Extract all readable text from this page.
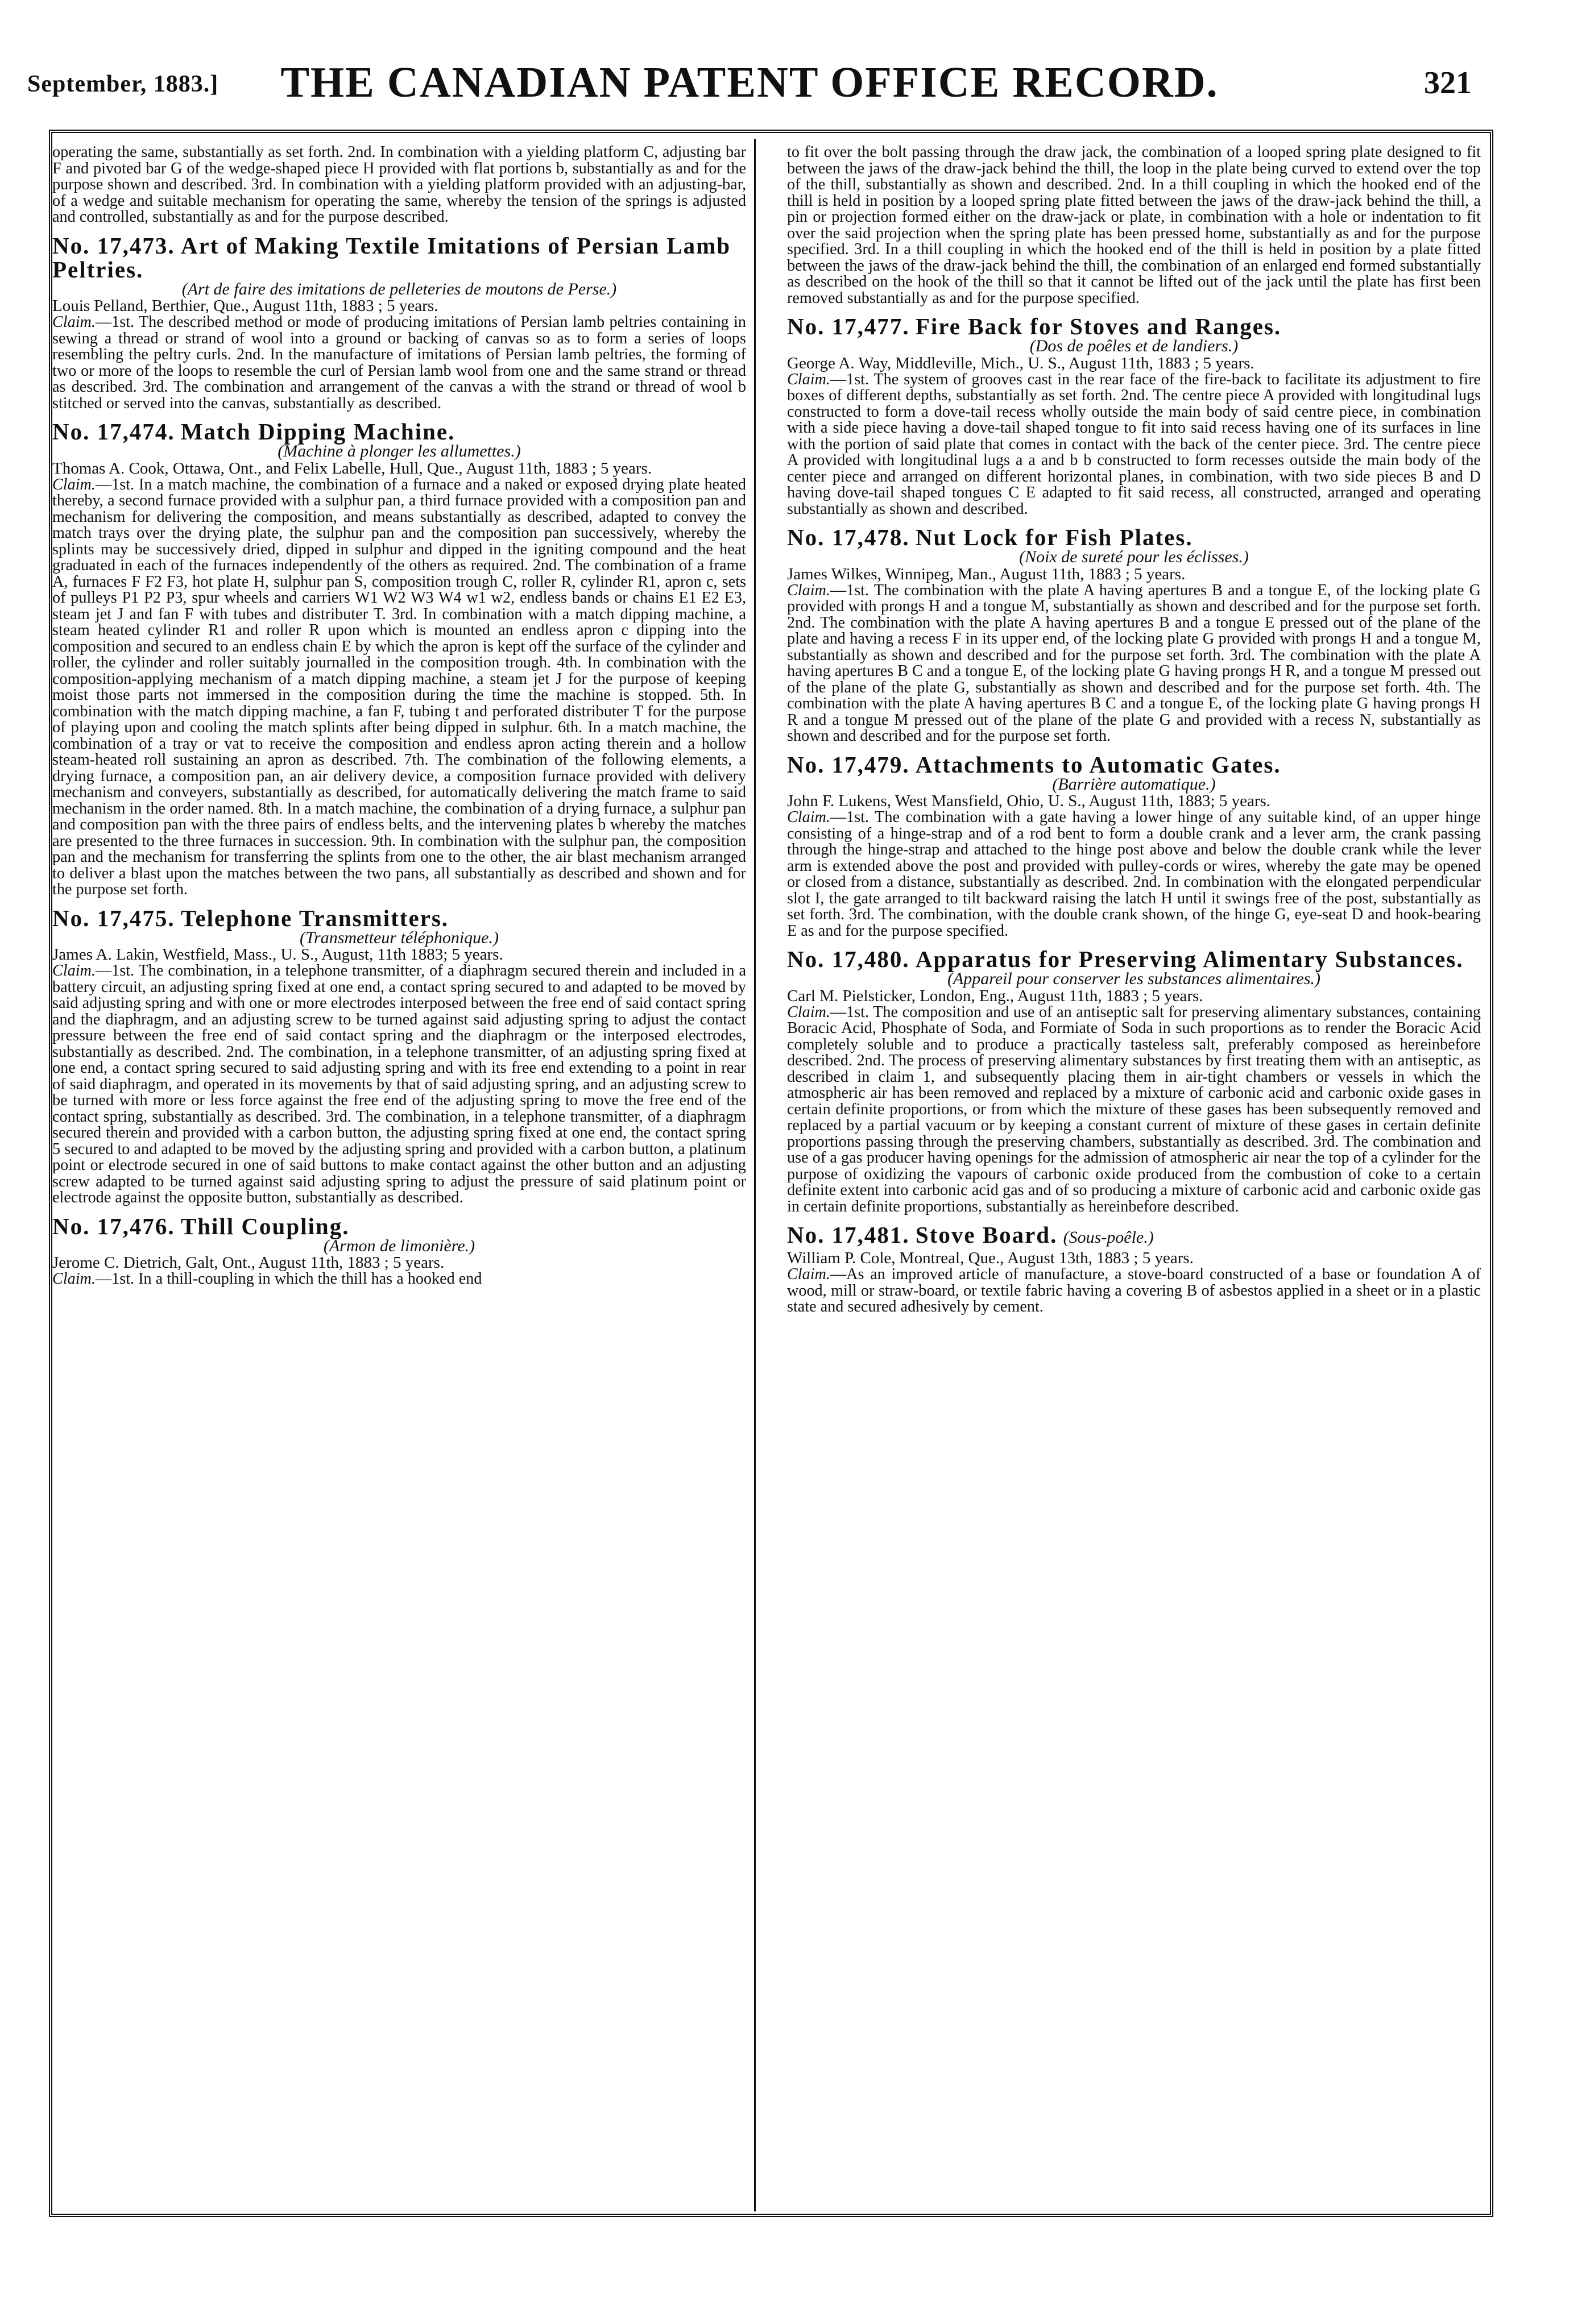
September, 1883.]	THE CANADIAN PATENT OFFICE RECORD.	321

operating the same, substantially as set forth. 2nd. In combination with a yielding platform C, adjusting bar F and pivoted bar G of the wedge-shaped piece H provided with flat portions b, substantially as and for the purpose shown and described. 3rd. In combination with a yielding platform provided with an adjusting-bar, of a wedge and suitable mechanism for operating the same, whereby the tension of the springs is adjusted and controlled, substantially as and for the purpose described.

No. 17,473. Art of Making Textile Imitations of Persian Lamb Peltries.

(Art de faire des imitations de pelleteries de moutons de Perse.)

Louis Pelland, Berthier, Que., August 11th, 1883 ; 5 years.

Claim.—1st. The described method or mode of producing imitations of Persian lamb peltries containing in sewing a thread or strand of wool into a ground or backing of canvas so as to form a series of loops resembling the peltry curls. 2nd. In the manufacture of imitations of Persian lamb peltries, the forming of two or more of the loops to resemble the curl of Persian lamb wool from one and the same strand or thread as described. 3rd. The combination and arrangement of the canvas a with the strand or thread of wool b stitched or served into the canvas, substantially as described.

No. 17,474. Match Dipping Machine.

(Machine à plonger les allumettes.)

Thomas A. Cook, Ottawa, Ont., and Felix Labelle, Hull, Que., August 11th, 1883 ; 5 years.

Claim.—1st. In a match machine, the combination of a furnace and a naked or exposed drying plate heated thereby, a second furnace provided with a sulphur pan, a third furnace provided with a composition pan and mechanism for delivering the composition, and means substantially as described, adapted to convey the match trays over the drying plate, the sulphur pan and the composition pan successively, whereby the splints may be successively dried, dipped in sulphur and dipped in the igniting compound and the heat graduated in each of the furnaces independently of the others as required. 2nd. The combination of a frame A, furnaces F F2 F3, hot plate H, sulphur pan S, composition trough C, roller R, cylinder R1, apron c, sets of pulleys P1 P2 P3, spur wheels and carriers W1 W2 W3 W4 w1 w2, endless bands or chains E1 E2 E3, steam jet J and fan F with tubes and distributer T. 3rd. In combination with a match dipping machine, a steam heated cylinder R1 and roller R upon which is mounted an endless apron c dipping into the composition and secured to an endless chain E by which the apron is kept off the surface of the cylinder and roller, the cylinder and roller suitably journalled in the composition trough. 4th. In combination with the composition-applying mechanism of a match dipping machine, a steam jet J for the purpose of keeping moist those parts not immersed in the composition during the time the machine is stopped. 5th. In combination with the match dipping machine, a fan F, tubing t and perforated distributer T for the purpose of playing upon and cooling the match splints after being dipped in sulphur. 6th. In a match machine, the combination of a tray or vat to receive the composition and endless apron acting therein and a hollow steam-heated roll sustaining an apron as described. 7th. The combination of the following elements, a drying furnace, a composition pan, an air delivery device, a composition furnace provided with delivery mechanism and conveyers, substantially as described, for automatically delivering the match frame to said mechanism in the order named. 8th. In a match machine, the combination of a drying furnace, a sulphur pan and composition pan with the three pairs of endless belts, and the intervening plates b whereby the matches are presented to the three furnaces in succession. 9th. In combination with the sulphur pan, the composition pan and the mechanism for transferring the splints from one to the other, the air blast mechanism arranged to deliver a blast upon the matches between the two pans, all substantially as described and shown and for the purpose set forth.

No. 17,475. Telephone Transmitters.

(Transmetteur téléphonique.)

James A. Lakin, Westfield, Mass., U. S., August, 11th 1883; 5 years.

Claim.—1st. The combination, in a telephone transmitter, of a diaphragm secured therein and included in a battery circuit, an adjusting spring fixed at one end, a contact spring secured to and adapted to be moved by said adjusting spring and with one or more electrodes interposed between the free end of said contact spring and the diaphragm, and an adjusting screw to be turned against said adjusting spring to adjust the contact pressure between the free end of said contact spring and the diaphragm or the interposed electrodes, substantially as described. 2nd. The combination, in a telephone transmitter, of an adjusting spring fixed at one end, a contact spring secured to said adjusting spring and with its free end extending to a point in rear of said diaphragm, and operated in its movements by that of said adjusting spring, and an adjusting screw to be turned with more or less force against the free end of the adjusting spring to move the free end of the contact spring, substantially as described. 3rd. The combination, in a telephone transmitter, of a diaphragm secured therein and provided with a carbon button, the adjusting spring fixed at one end, the contact spring 5 secured to and adapted to be moved by the adjusting spring and provided with a carbon button, a platinum point or electrode secured in one of said buttons to make contact against the other button and an adjusting screw adapted to be turned against said adjusting spring to adjust the pressure of said platinum point or electrode against the opposite button, substantially as described.

No. 17,476. Thill Coupling.

(Armon de limonière.)

Jerome C. Dietrich, Galt, Ont., August 11th, 1883 ; 5 years.

Claim.—1st. In a thill-coupling in which the thill has a hooked end

to fit over the bolt passing through the draw jack, the combination of a looped spring plate designed to fit between the jaws of the draw-jack behind the thill, the loop in the plate being curved to extend over the top of the thill, substantially as shown and described. 2nd. In a thill coupling in which the hooked end of the thill is held in position by a looped spring plate fitted between the jaws of the draw-jack behind the thill, a pin or projection formed either on the draw-jack or plate, in combination with a hole or indentation to fit over the said projection when the spring plate has been pressed home, substantially as and for the purpose specified. 3rd. In a thill coupling in which the hooked end of the thill is held in position by a plate fitted between the jaws of the draw-jack behind the thill, the combination of an enlarged end formed substantially as described on the hook of the thill so that it cannot be lifted out of the jack until the plate has first been removed substantially as and for the purpose specified.

No. 17,477. Fire Back for Stoves and Ranges.

(Dos de poêles et de landiers.)

George A. Way, Middleville, Mich., U. S., August 11th, 1883 ; 5 years.

Claim.—1st. The system of grooves cast in the rear face of the fire-back to facilitate its adjustment to fire boxes of different depths, substantially as set forth. 2nd. The centre piece A provided with longitudinal lugs constructed to form a dove-tail recess wholly outside the main body of said centre piece, in combination with a side piece having a dove-tail shaped tongue to fit into said recess having one of its surfaces in line with the portion of said plate that comes in contact with the back of the center piece. 3rd. The centre piece A provided with longitudinal lugs a a and b b constructed to form recesses outside the main body of the center piece and arranged on different horizontal planes, in combination, with two side pieces B and D having dove-tail shaped tongues C E adapted to fit said recess, all constructed, arranged and operating substantially as shown and described.

No. 17,478. Nut Lock for Fish Plates.

(Noix de sureté pour les éclisses.)

James Wilkes, Winnipeg, Man., August 11th, 1883 ; 5 years.

Claim.—1st. The combination with the plate A having apertures B and a tongue E, of the locking plate G provided with prongs H and a tongue M, substantially as shown and described and for the purpose set forth. 2nd. The combination with the plate A having apertures B and a tongue E pressed out of the plane of the plate and having a recess F in its upper end, of the locking plate G provided with prongs H and a tongue M, substantially as shown and described and for the purpose set forth. 3rd. The combination with the plate A having apertures B C and a tongue E, of the locking plate G having prongs H R, and a tongue M pressed out of the plane of the plate G, substantially as shown and described and for the purpose set forth. 4th. The combination with the plate A having apertures B C and a tongue E, of the locking plate G having prongs H R and a tongue M pressed out of the plane of the plate G and provided with a recess N, substantially as shown and described and for the purpose set forth.

No. 17,479. Attachments to Automatic Gates.

(Barrière automatique.)

John F. Lukens, West Mansfield, Ohio, U. S., August 11th, 1883; 5 years.

Claim.—1st. The combination with a gate having a lower hinge of any suitable kind, of an upper hinge consisting of a hinge-strap and of a rod bent to form a double crank and a lever arm, the crank passing through the hinge-strap and attached to the hinge post above and below the double crank while the lever arm is extended above the post and provided with pulley-cords or wires, whereby the gate may be opened or closed from a distance, substantially as described. 2nd. In combination with the elongated perpendicular slot I, the gate arranged to tilt backward raising the latch H until it swings free of the post, substantially as set forth. 3rd. The combination, with the double crank shown, of the hinge G, eye-seat D and hook-bearing E as and for the purpose specified.

No. 17,480. Apparatus for Preserving Alimentary Substances.

(Appareil pour conserver les substances alimentaires.)

Carl M. Pielsticker, London, Eng., August 11th, 1883 ; 5 years.

Claim.—1st. The composition and use of an antiseptic salt for preserving alimentary substances, containing Boracic Acid, Phosphate of Soda, and Formiate of Soda in such proportions as to render the Boracic Acid completely soluble and to produce a practically tasteless salt, preferably composed as hereinbefore described. 2nd. The process of preserving alimentary substances by first treating them with an antiseptic, as described in claim 1, and subsequently placing them in air-tight chambers or vessels in which the atmospheric air has been removed and replaced by a mixture of carbonic acid and carbonic oxide gases in certain definite proportions, or from which the mixture of these gases has been subsequently removed and replaced by a partial vacuum or by keeping a constant current of mixture of these gases in certain definite proportions passing through the preserving chambers, substantially as described. 3rd. The combination and use of a gas producer having openings for the admission of atmospheric air near the top of a cylinder for the purpose of oxidizing the vapours of carbonic oxide produced from the combustion of coke to a certain definite extent into carbonic acid gas and of so producing a mixture of carbonic acid and carbonic oxide gas in certain definite proportions, substantially as hereinbefore described.

No. 17,481. Stove Board. (Sous-poêle.)

William P. Cole, Montreal, Que., August 13th, 1883 ; 5 years.

Claim.—As an improved article of manufacture, a stove-board constructed of a base or foundation A of wood, mill or straw-board, or textile fabric having a covering B of asbestos applied in a sheet or in a plastic state and secured adhesively by cement.
